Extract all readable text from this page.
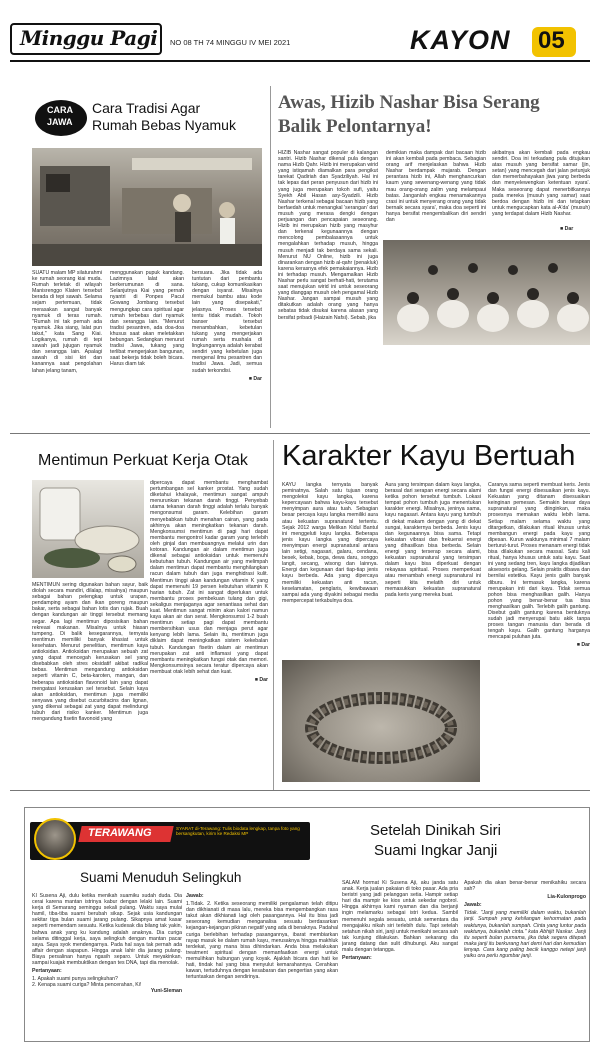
Minggu Pagi NO 08 TH 74 MINGGU IV MEI 2021	KAYON 05
CARA
JAWA
Cara Tradisi Agar
Rumah Bebas Nyamuk

SUATU malam MP silaturahmi ke rumah seorang kiai muda. Rumah terletak di wilayah Manisrenggo Klaten tersebut berada di tepi sawah. Selama sejam pertemuan, tidak merasakan sangat banyak nyamuk di teras rumah. "Rumah ini tak pernah ada nyamuk. Jika siang, lalat pun takut," kata Sang Kiai. Logikanya, rumah di tepi sawah jadi jujugan nyamuk dan serangga lain. Apalagi sawah di sisi kiri dan kanannya saat pengolahan lahan jelang tanam,

menggunakan pupuk kandang. Lazimnya lalat akan berkerumunan di sana. Selanjutnya Kiai yang pernah nyantri di Ponpes Pacul Gowang Jombang tersebut mengungkap cara spiritual agar rumah terbebas dari nyamuk dan serangga lain. "Menurut tradisi pesantren, ada doa-doa khusus saat akan meletakkan bebungan. Sedangkan menurut tradisi Jawa, tukang yang terlibat mengerjakan bangunan, saat bekerja tidak boleh bicara. Harus diam tak

bersuara. Jika tidak ada tuntutan dari pembantu tukang, cukup komunikasikan dengan isyarat. Misalnya memukul bambu atau kode lain yang disepakati," jelasnya. Proses tersebut tentu tidak mudah. Tokoh banser tersebut menambahkan, kebetulan tukang yang mengerjakan rumah serta mushala di lingkungannya adalah kerabat sendiri yang kebetulan juga mengenal ilmu pesantren dan tradisi Jawa. Jadi, semua sudah terkondisi.

■ Dar

Awas, Hizib Nashar Bisa Serang
Balik Pelontarnya!

HIZIB Nashar sangat populer di kalangan santri. Hizib Nashar dikenal pula dengan nama Hizib Qahr. Hizib ini merupakan wirid yang istiqamah diamalkan para pengikut tarekat Qadiriah dan Syadziliyah. Hal ini tak lepas dari peran penyusun dari hizib ini yang juga merupakan tokoh sufi, yaitu Syekh Abil Hasan asy-Syadzili. Hizib Nashar terkenal sebagai bacaan hizib yang berfaedah untuk menangkal 'serangan' dari musuh yang merasa dengki dengan perjuangan dan pencapaian seseorang. Hizib ini merupakan hizib yang masyhur dan terkenal kegunaannya dengan mencolong pembalasannya untuk mengalahkan terhadap musuh, hingga musuh menjadi tak berdaya sama sekali. Menurut NU Online, hizib ini juga dinarankan dengan hizib al-qahr (penakluk) karena kerasnya efek pemakaiannya. Hizib ini terhadap musuh. Mengamalkan Hizib Nashar perlu sangat berhati-hati, terutama saat menujukan wirid ini untuk seseorang yang dianggap musuh oleh pengamal Hizib Nashar. Jangan sampai musuh yang ditakutkan adalah orang yang hanya sebatas tidak disukai karena alasan yang bersifat pribadi (Haizain Nafsi). Sebab, jika

demikian maka dampak dari bacaan hizib ini akan kembali pada pembaca. Sebagian orang arif menjelaskan bahwa Hizib Nashar berdampak mujarab. Dengan perantara hizib ini, Allah menghancurkan kaum yang sewenang-wenang yang tidak mau orang-orang zalim yang melampaui batas. Janganlah engkau menamakannya crasi ini untuk menyerang orang yang tidak bernaik secara syara', maka doa seperti ini hanya bersifat mengembalikan diri sendiri dan

akibatnya akan kembali pada engkau sendiri. Doa ini terkadang pula ditujukan atas musuh yang bersifat samar (jin, setan) yang mencegah dari jalan petunjuk dan memerbahayakan jiwa yang berbeda dan menyelewengkan ketentuan syara'. Maka seseorang dapat menerbitkannya pada mereka (musuh yang samar) saat berdoa dengan hizib ini dan tetapkan untuk mengucapkan kata al-A'da' (musuh) yang terdapat dalam Hizib Nashar.

■ Dar
Karakter Kayu Bertuah

KAYU langka ternyata banyak peminatnya. Salah satu tujuan orang mengoleksi kayu langka, karena kepercayaan bahwa kayu-kayu tersebut menyimpan aura atau tuah. Sebagian besar percaya kayu langka memiliki aura atau kekuatan supranatural tertentu. Sejak 2012 warga Melikan Kidul Bantul ini menggeluti kayu langka. Beberapa jenis kayu langka yang dipercaya menyimpan energi supranatural antara lain setigi, nagasari, galaru, cendana, besek, kebak, boga, dewa daru, songgo langit, secang, wisong dan lainnya. Energi dan kegunaan dari tiap-tiap jenis kayu berbeda. Ada yang dipercaya memiliki kekuatan anti racun, keselamatan, penglaris, kewibawaan sampai ada yang diyakini sebagai media mempercepat terkabulnya doa.

Aura yang tersimpan dalam kayu langka, berasal dari serapan energi secara alami ketika pohon tersebut tumbuh. Lokasi tempat pohon tumbuh juga menentukan karakter energi. Misalnya, jeninya sama, kayu nagasari. Antara kayu yang tumbuh di dekat makam dengan yang di dekat sungai, karakternya berbeda. Jenis kayu dan kegunaannya bisa sama. Tetapi kekuatan vibrasi dan frekuensi energi yang dihasilkan bisa berbeda. Selain energi yang terserap secara alami, kekuatan supranatural yang tersimpan dalam kayu bisa diperkuat dengan rekayasa spiritual. Proses memperkuat atau menambah energi supranatural ini seperti kita melatih diri untuk memasukkan kekuatan supranatural pada keris yang mereka buat.

Caranya sama seperti membuat keris. Jenis dan fungsi energi disesuaikan jenis kayu. Kekuatan yang ditanam disesuaikan keinginan pemesan. Semakin besar daya supranatural yang diinginkan, maka prosesnya memakan waktu lebih lama. Setiap malam selama waktu yang ditargetkan, dilakukan ritual khusus untuk membangun energi pada kayu yang dipesan. Kurun waktunya minimal 7 malam berturut-turut. Proses menanam energi tidak bisa dilakukan secara massal. Satu kali ritual, hanya khusus untuk satu kayu. Saat ini yang sedang tren, kayu langka dijadikan aksesoris gelang. Selain praktis dibawa dan bernilai estetika. Kayu jenis galih banyak diburu. Ini termasuk langka, karena merupakan inti dari kayu. Tidak semua pohon bisa menghasilkan galih. Hanya pohon yang benar-benar tua bisa menghasilkan galih. Terlebih galih gantung. Disebut galih gantung karena bentuknya sudah jadi menyerupai batu akik tanpa proses tangan manusia dan berada di tengah kayu. Galih gantung harganya mencapai puluhan juta.

■ Dar

Mentimun Perkuat Kerja Otak

MENTIMUN sering digunakan bahan sayur, baik diolah secara mandiri, dilalap, misalnya) maupun sebagai bahan pelengkap untuk urapan, pendamping ayam dan ikan goreng maupun bakar, serta sebagai bahan lotis dan rujak. Buah dengan kandungan air tinggi tersebut memang segar. Apa lagi mentimun diposisikan bahan rekreasi makanan. Misalnya untuk hiasan tumpeng. Di balik kesegarannya, ternyata mentimun memiliki banyak khasiat untuk kesehatan. Menurut penelitian, mentimun kaya antioksidan. Antioksidan merupakan sebuah zat yang dapat mencegah kerusakan sel yang disebabkan oleh stres oksidatif akibat radikal bebas. Mentimun mengandung antioksidan seperti vitamin C, beta-karoten, mangan, dan beberapa antioksidan flavonoid lain yang dapat mengatasi kerusakan sel tersebut. Selain kaya akan antioksidan, mentimun juga memiliki senyawa yang disebut cucurbitacins dan lignan, yang dikenal sebagai zat yang dapat melindungi tubuh dari risiko kanker. Mentimun juga mengandung fisetin flavonoid yang

dipercaya dapat membantu menghambat pertumbangan sel kanker prostat. Yang sudah diketahui khalayak, mentimun sangat ampuh menurunkan tekanan darah tinggi. Penyebab utama tekanan darah tinggi adalah terlalu banyak mengonsumsi garam. Kelebihan garam menyebabkan tubuh menahan cairan, yang pada akhirnya akan meningkatkan tekanan darah. Mengkonsumsi mentimun di pagi hari dapat membantu mengontrol kadar garam yang terlebih oleh ginjal dan membuangnya melalui urin dan kotoran. Kandungan air dalam mentimun juga dikenal sebagai antioksidan untuk memenuhi kebutuhan tubuh. Kandungan air yang melimpah dalam mentimun dapat membantu menghilangkan racun dalam tubuh dan juga menghidrasi kulit. Mentimun tinggi akan kandungan vitamin K yang dapat memenuhi 19 persen kebutuhan vitamin K harian tubuh. Zat ini sangat diperlukan untuk membantu proses pembekuan tulang dan gigi, sekaligus menjaganya agar senantiasa sehat dan kuat. Mentimun sangat minim akan kalori namun kaya akan air dan serat. Mengkonsumsi 1-2 buah mentimun setiap pagi dapat membantu membersihkan usus dan menjaga perut agar kenyang lebih lama. Selain itu, mentimun juga diklaim dapat meningkatkan sistem kekebalan tubuh. Kandungan fisetin dalam air mentimun merupakan zat anti inflamasi yang dapat membantu meningkatkan fungsi otak dan memori. Mengkonsumsinya secara teratur dipercaya akan membuat otak lebih sehat dan kuat.

■ Dar

TERAWANG	SYARAT di-Terawang: Tulis biodata lengkap, tanpa foto yang bersangkutan, kirim ke Redaksi MP
Suami Menuduh Selingkuh

KI Susena Aji, dulu ketika menikah suamiku sudah duda. Dia cerai karena mantan istrinya kabur dengan lelaki lain. Suami kerja di Semarang seminggu sekali pulang. Waktu saya mulai hamil, tiba-tiba suami berubah sikap. Sejak usia kandungan sekitar tiga bulan suami jarang pulang. Sikapnya amat kasar seperti memendam sesuatu. Ketika kudesak dia bilang tak yakin, bahwa anak yang ku kandung adalah anaknya. Dia curiga selama ditinggal kerja, saya selingkuh dengan mantan pacar saya. Saya syok mendengarnya. Pada hal saya tak pernah ada affair dengan siapapun. Hingga anak lahir dia jarang pulang. Biaya persalinan hanya ngasih separo. Untuk meyakinkan, sampai kuajak membuktikan dengan tes DNA, tapi dia menolak.

Pertanyaan:

1. Apakah suami punya selingkuhan?

2. Kenapa suami curiga? Minta pencerahan, Ki!

Yuni-Sleman

Jawab:

1.Tidak. 2. Ketika seseorang memiliki pengalaman telah ditipu dan dikhianati di masa lalu, mereka bisa mengembangkan rasa takut akan dikhianati lagi oleh pasangannya. Hal itu bisa jadi seseorang kemudian menganalisa sesuatu berdasarkan kejangan-kejangan pikiran negatif yang ada di benaknya. Padahal curiga berlebihan terhadap pasangannya, ibarat membiarkan rayap masuk ke dalam rumah kayu, merusaknya hingga makhluk terdekat, yang mana bisa dihindarkan. Anda bisa melakukan treatment spiritual dengan memanfaatkan energi untuk memulihkan hubungan yang koyak. Ajaklah bicara dan hati ke hati, tindak hal yang bisa menyulut kemarahannya. Cerahkan kawan, tertuduhnya dengan kesabaran dan pengertian yang akan tertuntaskan dengan sendirinya.

Setelah Dinikah Siri
Suami Ingkar Janji

SALAM hormat Ki Susena Aji, aku janda satu anak. Kerja jualan pakaian di toko pasar. Ada pria beristri yang jadi pelanggan setia. Hampir setiap hari dia mampir ke kios untuk sekedar ngobrol. Hingga akhirnya kami nyaman dan dia berjanji ingin melamarku sebagai istri kedua. Sambil memenuhi segala sesuatu, untuk sementara dia mengajakku nikah siri terlebih dulu. Tapi setelah setahun nikah siri, janji untuk menikahi secara sah tak kunjung dilakukan. Bahkan sekarang dia jarang datang dan sulit dihubungi. Aku sangat malu dengan tetangga.

Pertanyaan:

Apakah dia akan benar-benar menikahiku secara sah?

Lia-Kulonprogo

Jawab:

Tidak. "Janji yang memiliki dalam waktu, bukanlah janji. Sumpah yang kehilangan kehormatan pada waktunya, bukanlah sumpah. Cinta yang luntur pada waktunya, bukanlah cinta." kata Abhijit Naskar. Janji itu seperti bulan purnama, jika tidak segera ditepati maka janji itu berkurang hari demi hari dan kemudian lenyap. Cara kang paling becik kanggo netepi janji yaiku ora perlu ngumbar janji.
